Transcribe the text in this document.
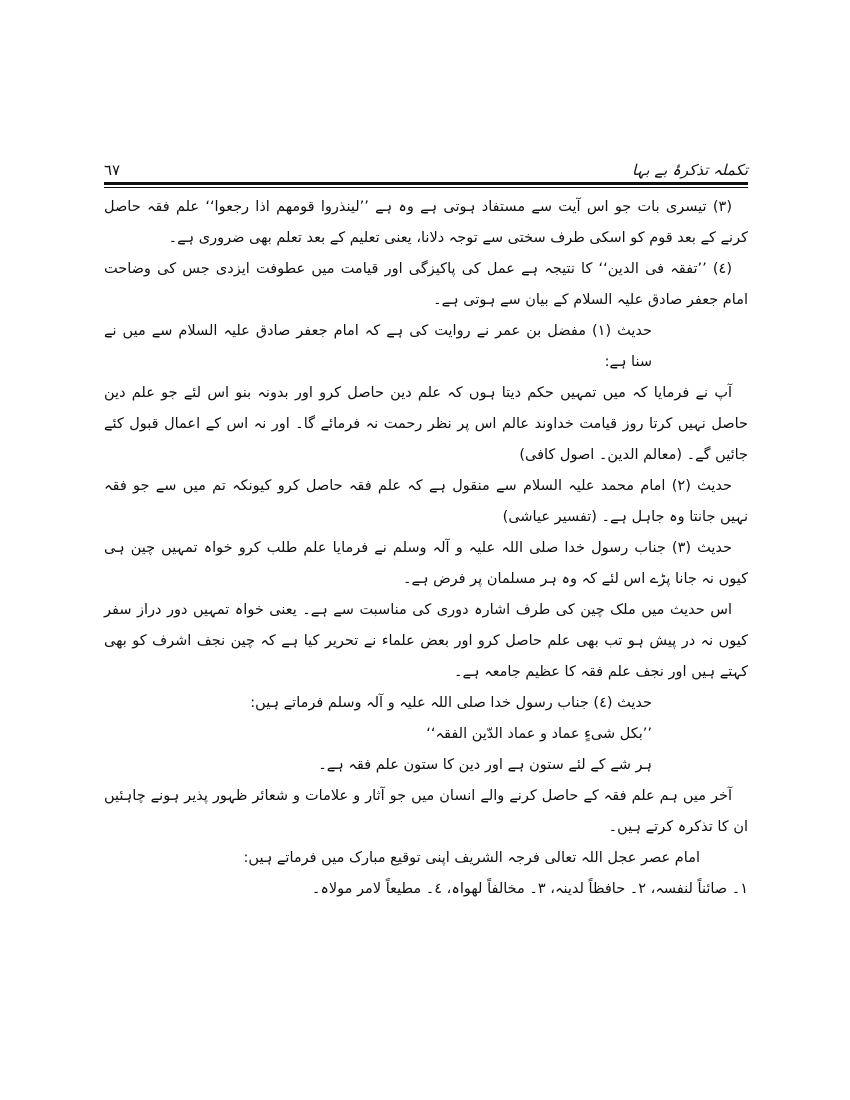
تکملہ تذکرۂ بے بہا
٦٧

(٣) تیسری بات جو اس آیت سے مستفاد ہوتی ہے وہ ہے ’’لینذروا قومھم اذا رجعوا‘‘ علم فقہ حاصل کرنے کے بعد قوم کو اسکی طرف سختی سے توجہ دلانا، یعنی تعلیم کے بعد تعلم بھی ضروری ہے۔

(٤) ’’تفقہ فی الدین‘‘ کا نتیجہ ہے عمل کی پاکیزگی اور قیامت میں عطوفت ایزدی جس کی وضاحت امام جعفر صادق علیہ السلام کے بیان سے ہوتی ہے۔

حدیث (١) مفضل بن عمر نے روایت کی ہے کہ امام جعفر صادق علیہ السلام سے میں نے سنا ہے:

آپ نے فرمایا کہ میں تمہیں حکم دیتا ہوں کہ علم دین حاصل کرو اور بدونہ بنو اس لئے جو علم دین حاصل نہیں کرتا روز قیامت خداوند عالم اس پر نظر رحمت نہ فرمائے گا۔ اور نہ اس کے اعمال قبول کئے جائیں گے۔ (معالم الدین۔ اصول کافی)

حدیث (٢) امام محمد علیہ السلام سے منقول ہے کہ علم فقہ حاصل کرو کیونکہ تم میں سے جو فقہ نہیں جانتا وہ جاہل ہے۔ (تفسیر عیاشی)

حدیث (٣) جناب رسول خدا صلی اللہ علیہ و آلہ وسلم نے فرمایا علم طلب کرو خواہ تمہیں چین ہی کیوں نہ جانا پڑے اس لئے کہ وہ ہر مسلمان پر فرض ہے۔

اس حدیث میں ملک چین کی طرف اشارہ دوری کی مناسبت سے ہے۔ یعنی خواہ تمہیں دور دراز سفر کیوں نہ در پیش ہو تب بھی علم حاصل کرو اور بعض علماء نے تحریر کیا ہے کہ چین نجف اشرف کو بھی کہتے ہیں اور نجف علم فقہ کا عظیم جامعہ ہے۔

حدیث (٤) جناب رسول خدا صلی اللہ علیہ و آلہ وسلم فرماتے ہیں:

’’بکل شیءٍ عماد و عماد الدّین الفقہ‘‘

ہر شے کے لئے ستون ہے اور دین کا ستون علم فقہ ہے۔

آخر میں ہم علم فقہ کے حاصل کرنے والے انسان میں جو آثار و علامات و شعائر ظہور پذیر ہونے چاہئیں ان کا تذکرہ کرتے ہیں۔

امام عصر عجل اللہ تعالی فرجہ الشریف اپنی توقیع مبارک میں فرماتے ہیں:

١۔ صائناً لنفسہ، ٢۔ حافظاً لدینہ، ٣۔ مخالفاً لھواہ، ٤۔ مطیعاً لامر مولاہ۔
